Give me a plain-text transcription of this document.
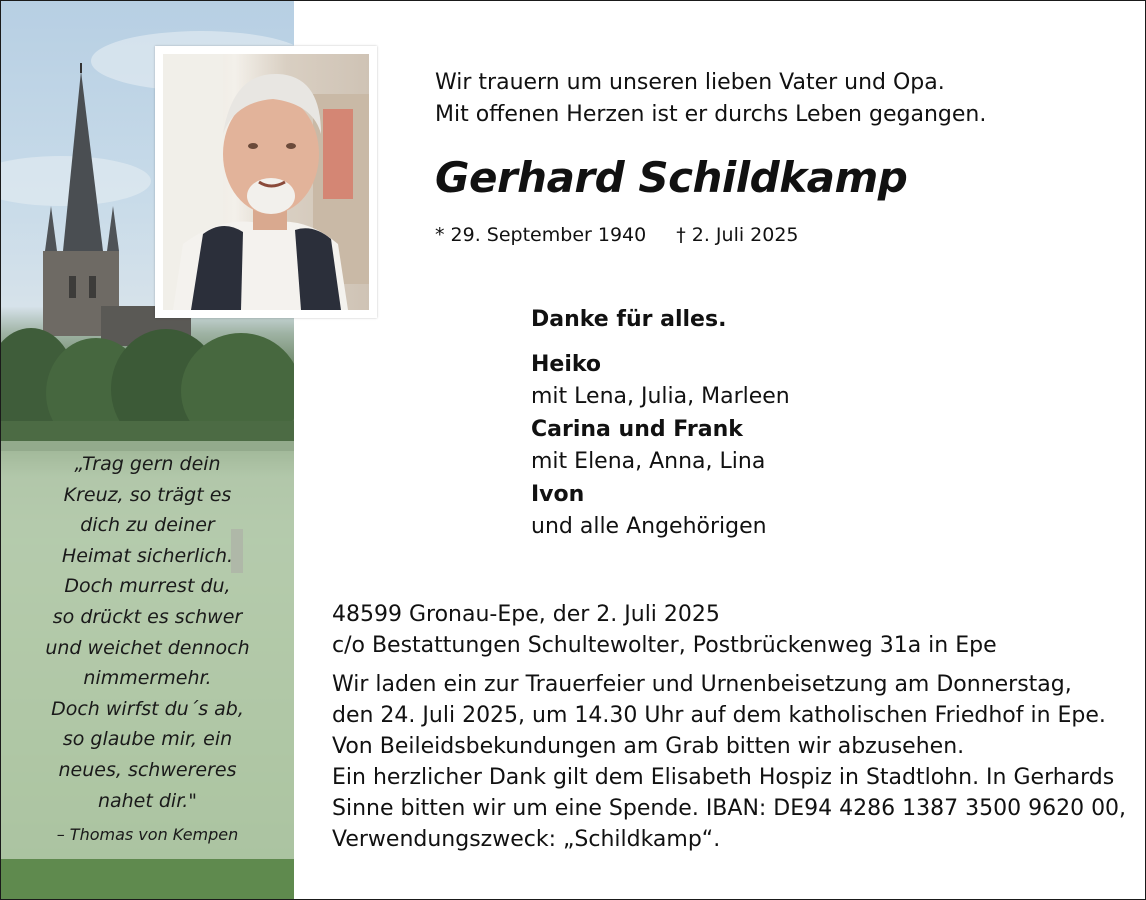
„Trag gern dein
Kreuz, so trägt es
dich zu deiner
Heimat sicherlich.
Doch murrest du,
so drückt es schwer
und weichet dennoch
nimmermehr.
Doch wirfst du´s ab,
so glaube mir, ein
neues, schwereres
nahet dir."
– Thomas von Kempen
Wir trauern um unseren lieben Vater und Opa.
Mit offenen Herzen ist er durchs Leben gegangen.
Gerhard Schildkamp
* 29. September 1940 † 2. Juli 2025
Danke für alles.
Heiko
mit Lena, Julia, Marleen
Carina und Frank
mit Elena, Anna, Lina
Ivon
und alle Angehörigen
48599 Gronau-Epe, der 2. Juli 2025
c/o Bestattungen Schultewolter, Postbrückenweg 31a in Epe
Wir laden ein zur Trauerfeier und Urnenbeisetzung am Donnerstag,
den 24. Juli 2025, um 14.30 Uhr auf dem katholischen Friedhof in Epe.
Von Beileidsbekundungen am Grab bitten wir abzusehen.
Ein herzlicher Dank gilt dem Elisabeth Hospiz in Stadtlohn. In Gerhards
Sinne bitten wir um eine Spende. IBAN: DE94 4286 1387 3500 9620 00,
Verwendungszweck: „Schildkamp“.
